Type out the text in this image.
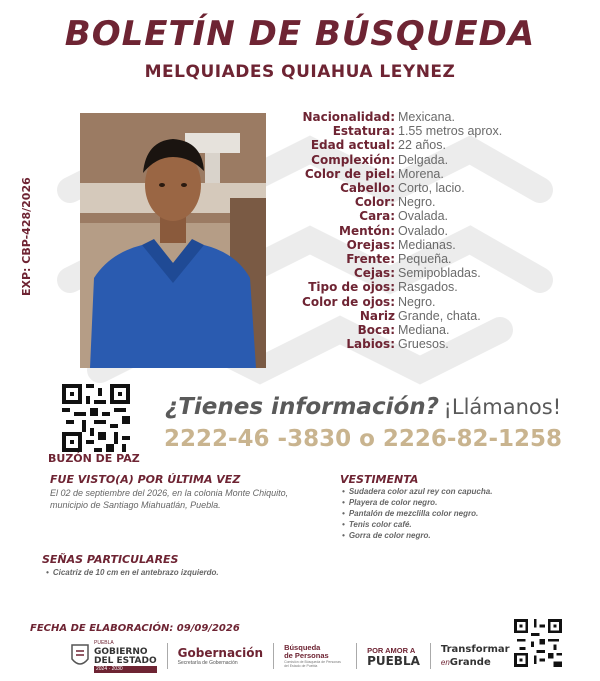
BOLETÍN DE BÚSQUEDA
MELQUIADES QUIAHUA LEYNEZ
EXP: CBP-428/2026
Nacionalidad: Mexicana.
Estatura: 1.55 metros aprox.
Edad actual: 22 años.
Complexión: Delgada.
Color de piel: Morena.
Cabello: Corto, lacio.
Color: Negro.
Cara: Ovalada.
Mentón: Ovalado.
Orejas: Medianas.
Frente: Pequeña.
Cejas: Semipobladas.
Tipo de ojos: Rasgados.
Color de ojos: Negro.
Nariz Grande, chata.
Boca: Mediana.
Labios: Gruesos.
BUZÓN DE PAZ
¿Tienes información? ¡Llámanos!
2222-46 -3830 o 2226-82-1258
FUE VISTO(A) POR ÚLTIMA VEZ
El 02 de septiembre del 2026, en la colonia Monte Chiquito, municipio de Santiago Miahuatlán, Puebla.
VESTIMENTA
• Sudadera color azul rey con capucha.
• Playera de color negro.
• Pantalón de mezclilla color negro.
• Tenis color café.
• Gorra de color negro.
SEÑAS PARTICULARES
• Cicatriz de 10 cm en el antebrazo izquierdo.
FECHA DE ELABORACIÓN: 09/09/2026
PUEBLA
GOBIERNO
DEL ESTADO
2024 · 2030
Gobernación
Secretaría de Gobernación
Búsqueda
de Personas
Comisión de Búsqueda de Personas del Estado de Puebla
POR AMOR A
PUEBLA
Transformar
enGrande
